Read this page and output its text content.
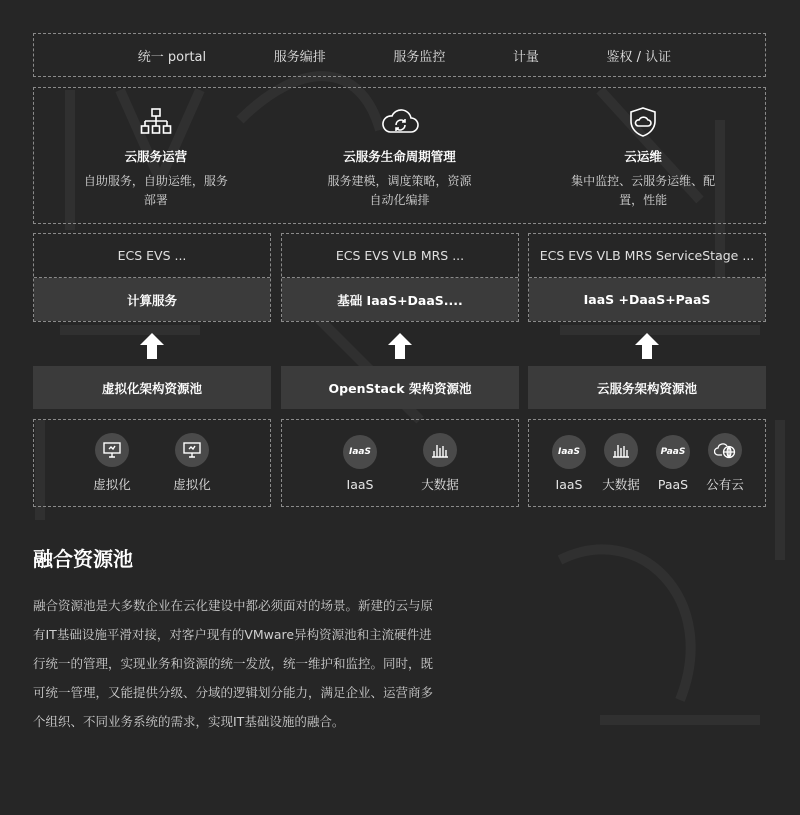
统一 portal	服务编排	服务监控	计量	鉴权 / 认证
云服务运营
自助服务，自助运维，服务部署
云服务生命周期管理
服务建模，调度策略，资源自动化编排
云运维
集中监控、云服务运维、配置，性能
ECS EVS ...
计算服务
虚拟化架构资源池
虚拟化	虚拟化
ECS EVS VLB MRS ...
基础 IaaS+DaaS....
OpenStack 架构资源池
IaaS
IaaS	大数据
ECS EVS VLB MRS ServiceStage ...
IaaS +DaaS+PaaS
云服务架构资源池
IaaS
IaaS 大数据
PaaS
PaaS 公有云
融合资源池
融合资源池是大多数企业在云化建设中都必须面对的场景。新建的云与原有IT基础设施平滑对接，对客户现有的VMware异构资源池和主流硬件进行统一的管理，实现业务和资源的统一发放，统一维护和监控。同时，既可统一管理，又能提供分级、分域的逻辑划分能力，满足企业、运营商多个组织、不同业务系统的需求，实现IT基础设施的融合。
